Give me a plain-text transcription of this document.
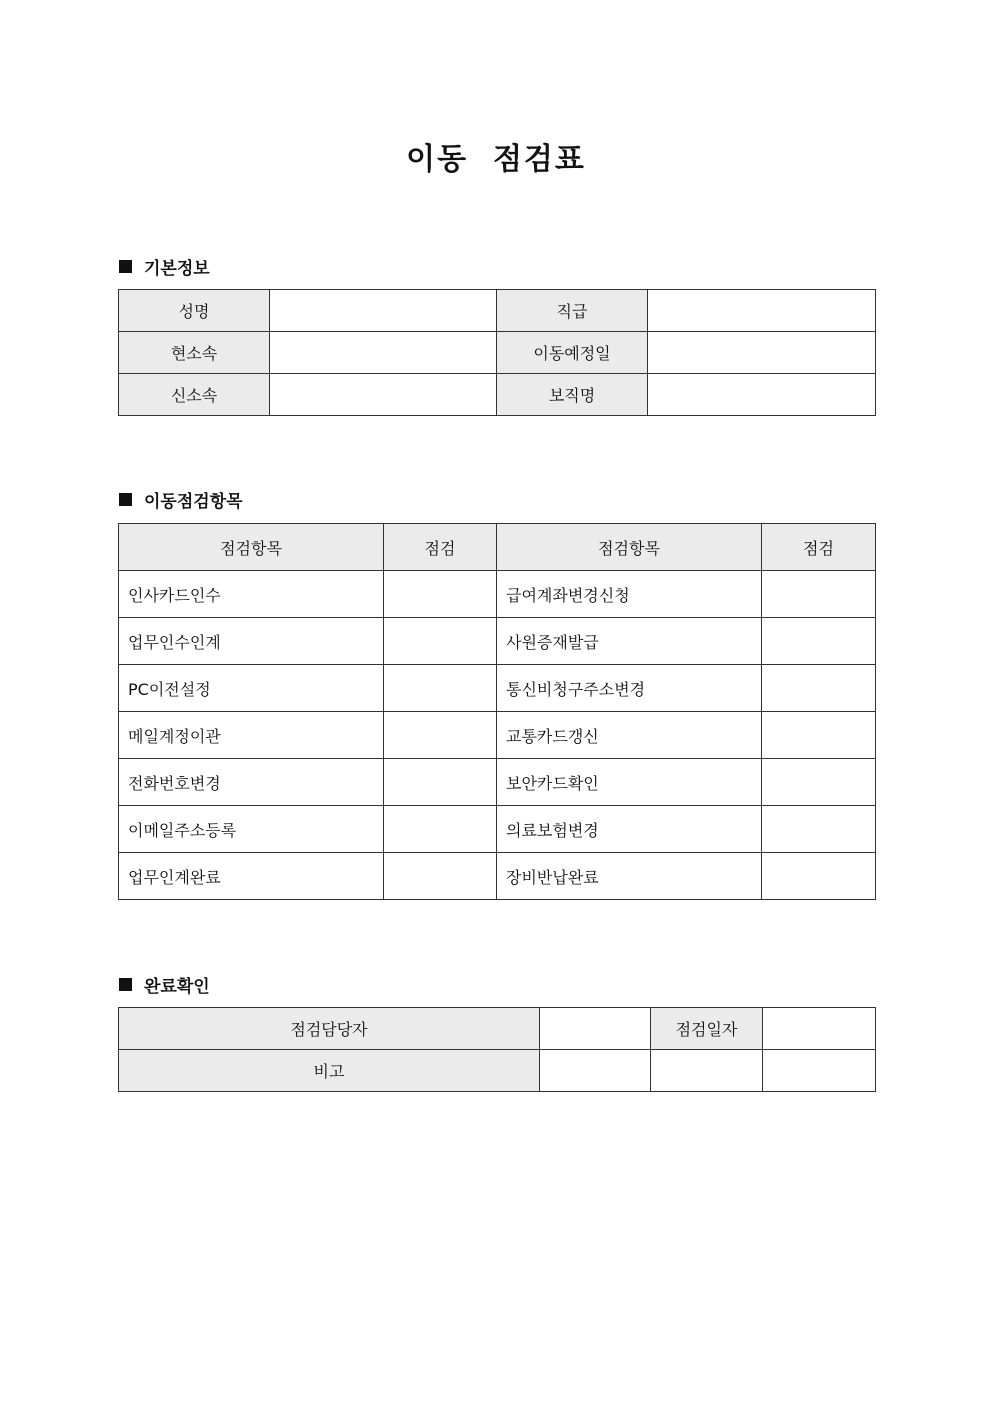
이동  점검표
기본정보
성명		직급	
현소속		이동예정일	
신소속		보직명	
이동점검항목
점검항목	점검	점검항목	점검
인사카드인수		급여계좌변경신청	
업무인수인계		사원증재발급	
PC이전설정		통신비청구주소변경	
메일계정이관		교통카드갱신	
전화번호변경		보안카드확인	
이메일주소등록		의료보험변경	
업무인계완료		장비반납완료	
완료확인
점검담당자		점검일자	
비고			
